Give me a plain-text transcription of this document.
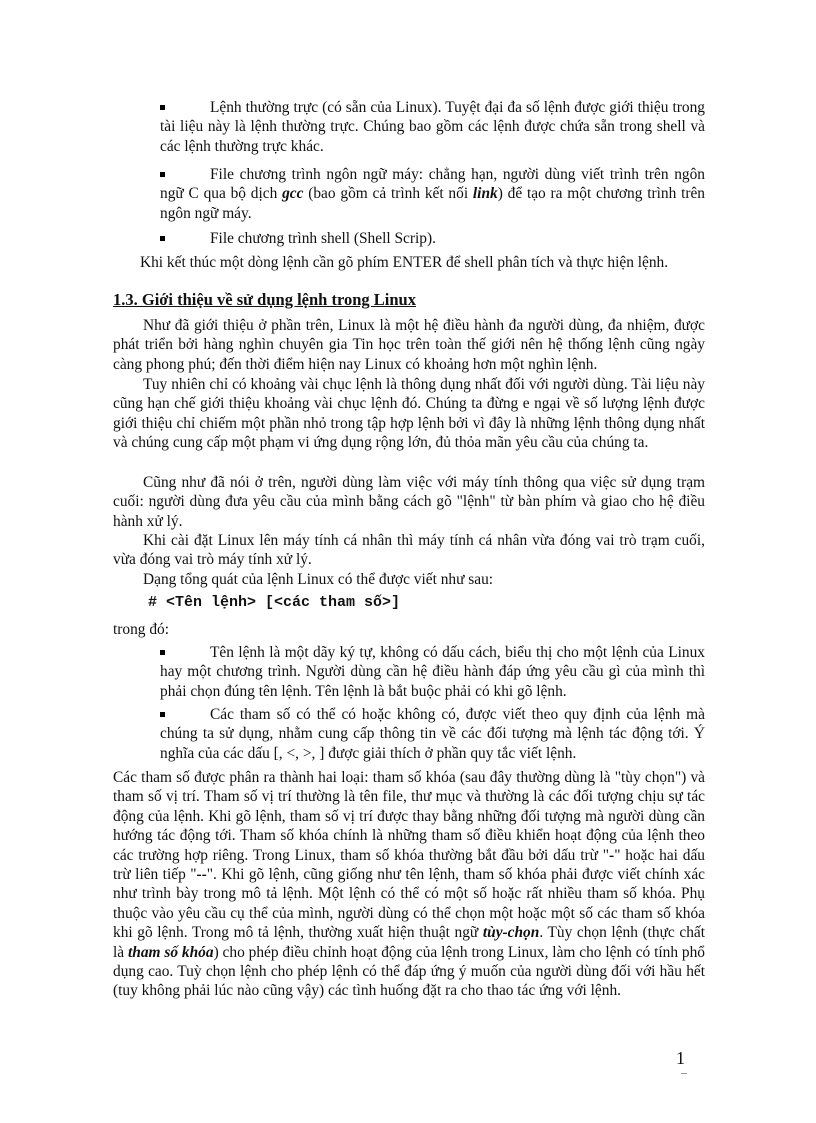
Lệnh thường trực (có sẵn của Linux). Tuyệt đại đa số lệnh được giới thiệu trong tài liệu này là lệnh thường trực. Chúng bao gồm các lệnh được chứa sẵn trong shell và các lệnh thường trực khác.

File chương trình ngôn ngữ máy: chẳng hạn, người dùng viết trình trên ngôn ngữ C qua bộ dịch gcc (bao gồm cả trình kết nối link) để tạo ra một chương trình trên ngôn ngữ máy.

File chương trình shell (Shell Scrip).

Khi kết thúc một dòng lệnh cần gõ phím ENTER để shell phân tích và thực hiện lệnh.

1.3. Giới thiệu về sử dụng lệnh trong Linux

Như đã giới thiệu ở phần trên, Linux là một hệ điều hành đa người dùng, đa nhiệm, được phát triển bởi hàng nghìn chuyên gia Tin học trên toàn thế giới nên hệ thống lệnh cũng ngày càng phong phú; đến thời điểm hiện nay Linux có khoảng hơn một nghìn lệnh.

Tuy nhiên chỉ có khoảng vài chục lệnh là thông dụng nhất đối với người dùng. Tài liệu này cũng hạn chế giới thiệu khoảng vài chục lệnh đó. Chúng ta đừng e ngại về số lượng lệnh được giới thiệu chỉ chiếm một phần nhỏ trong tập hợp lệnh bởi vì đây là những lệnh thông dụng nhất và chúng cung cấp một phạm vi ứng dụng rộng lớn, đủ thỏa mãn yêu cầu của chúng ta.

Cũng như đã nói ở trên, người dùng làm việc với máy tính thông qua việc sử dụng trạm cuối: người dùng đưa yêu cầu của mình bằng cách gõ "lệnh" từ bàn phím và giao cho hệ điều hành xử lý.

Khi cài đặt Linux lên máy tính cá nhân thì máy tính cá nhân vừa đóng vai trò trạm cuối, vừa đóng vai trò máy tính xử lý.

Dạng tổng quát của lệnh Linux có thể được viết như sau:

# <Tên lệnh> [<các tham số>]

trong đó:

Tên lệnh là một dãy ký tự, không có dấu cách, biểu thị cho một lệnh của Linux hay một chương trình. Người dùng cần hệ điều hành đáp ứng yêu cầu gì của mình thì phải chọn đúng tên lệnh. Tên lệnh là bắt buộc phải có khi gõ lệnh.

Các tham số có thể có hoặc không có, được viết theo quy định của lệnh mà chúng ta sử dụng, nhằm cung cấp thông tin về các đối tượng mà lệnh tác động tới. Ý nghĩa của các dấu [, <, >, ] được giải thích ở phần quy tắc viết lệnh.

Các tham số được phân ra thành hai loại: tham số khóa (sau đây thường dùng là "tùy chọn") và tham số vị trí. Tham số vị trí thường là tên file, thư mục và thường là các đối tượng chịu sự tác động của lệnh. Khi gõ lệnh, tham số vị trí được thay bằng những đối tượng mà người dùng cần hướng tác động tới. Tham số khóa chính là những tham số điều khiển hoạt động của lệnh theo các trường hợp riêng. Trong Linux, tham số khóa thường bắt đầu bởi dấu trừ "-" hoặc hai dấu trừ liên tiếp "--". Khi gõ lệnh, cũng giống như tên lệnh, tham số khóa phải được viết chính xác như trình bày trong mô tả lệnh. Một lệnh có thể có một số hoặc rất nhiều tham số khóa. Phụ thuộc vào yêu cầu cụ thể của mình, người dùng có thể chọn một hoặc một số các tham số khóa khi gõ lệnh. Trong mô tả lệnh, thường xuất hiện thuật ngữ tùy-chọn. Tùy chọn lệnh (thực chất là tham số khóa) cho phép điều chỉnh hoạt động của lệnh trong Linux, làm cho lệnh có tính phổ dụng cao. Tuỳ chọn lệnh cho phép lệnh có thể đáp ứng ý muốn của người dùng đối với hầu hết (tuy không phải lúc nào cũng vậy) các tình huống đặt ra cho thao tác ứng với lệnh.

1
